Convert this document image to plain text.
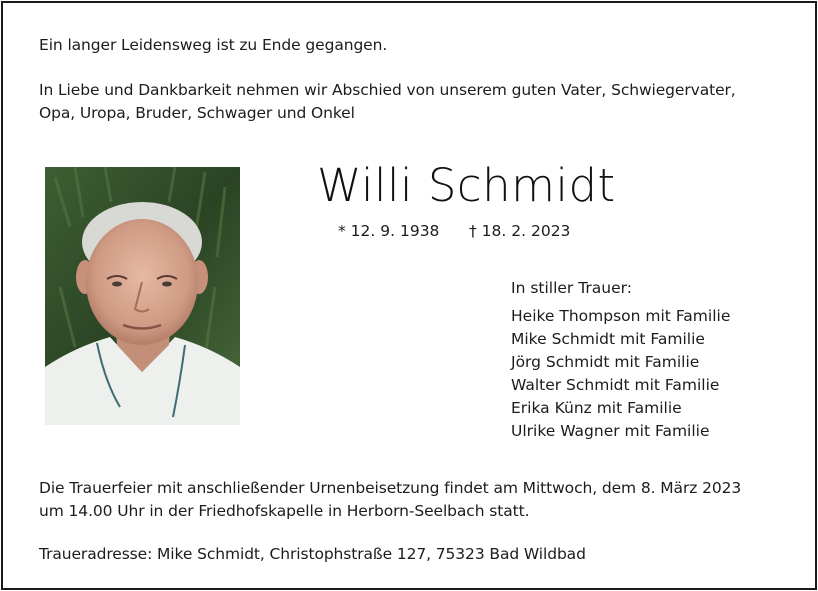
Ein langer Leidensweg ist zu Ende gegangen.
In Liebe und Dankbarkeit nehmen wir Abschied von unserem guten Vater, Schwiegervater,
Opa, Uropa, Bruder, Schwager und Onkel
Willi Schmidt
* 12. 9. 1938 † 18. 2. 2023
In stiller Trauer:
Heike Thompson mit Familie
Mike Schmidt mit Familie
Jörg Schmidt mit Familie
Walter Schmidt mit Familie
Erika Künz mit Familie
Ulrike Wagner mit Familie
Die Trauerfeier mit anschließender Urnenbeisetzung findet am Mittwoch, dem 8. März 2023
um 14.00 Uhr in der Friedhofskapelle in Herborn-Seelbach statt.
Traueradresse: Mike Schmidt, Christophstraße 127, 75323 Bad Wildbad
